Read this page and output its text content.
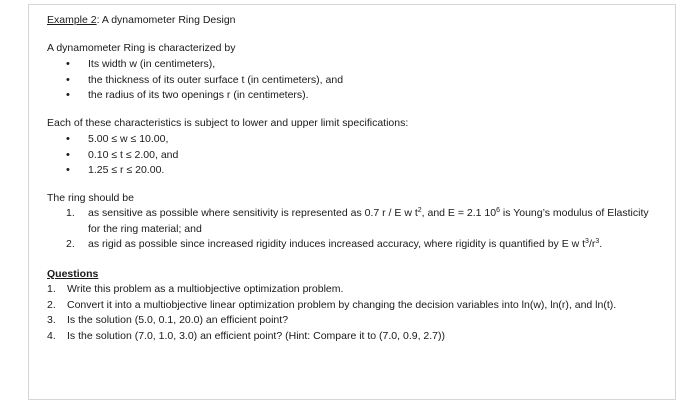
Example 2: A dynamometer Ring Design

A dynamometer Ring is characterized by

• Its width w (in centimeters),
• the thickness of its outer surface t (in centimeters), and
• the radius of its two openings r (in centimeters).

Each of these characteristics is subject to lower and upper limit specifications:

• 5.00 ≤ w ≤ 10.00,
• 0.10 ≤ t ≤ 2.00, and
• 1.25 ≤ r ≤ 20.00.

The ring should be

1. as sensitive as possible where sensitivity is represented as 0.7 r / E w $t^2$, and E = 2.1 $10^6$ is Young’s modulus of Elasticity for the ring material; and
2. as rigid as possible since increased rigidity induces increased accuracy, where rigidity is quantified by E w $t^3/r^3$.

Questions

1. Write this problem as a multiobjective optimization problem.
2. Convert it into a multiobjective linear optimization problem by changing the decision variables into ln(w), ln(r), and ln(t).
3. Is the solution (5.0, 0.1, 20.0) an efficient point?
4. Is the solution (7.0, 1.0, 3.0) an efficient point? (Hint: Compare it to (7.0, 0.9, 2.7))
